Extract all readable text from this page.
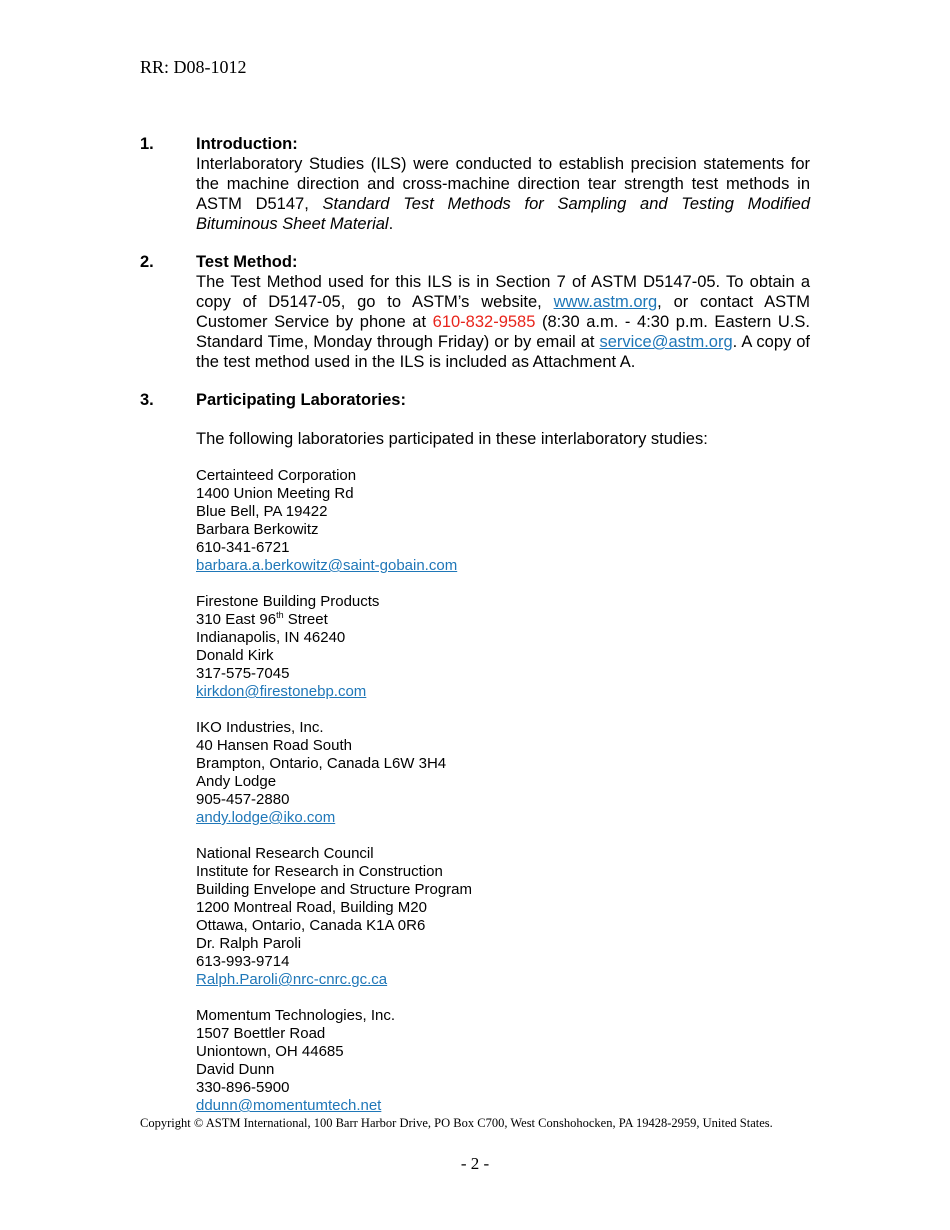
RR: D08-1012
1.	Introduction:
Interlaboratory Studies (ILS) were conducted to establish precision statements for the machine direction and cross-machine direction tear strength test methods in ASTM D5147, Standard Test Methods for Sampling and Testing Modified Bituminous Sheet Material.
2.	Test Method:
The Test Method used for this ILS is in Section 7 of ASTM D5147-05. To obtain a copy of D5147-05, go to ASTM’s website, www.astm.org, or contact ASTM Customer Service by phone at 610-832-9585 (8:30 a.m. - 4:30 p.m. Eastern U.S. Standard Time, Monday through Friday) or by email at service@astm.org. A copy of the test method used in the ILS is included as Attachment A.
3.	Participating Laboratories:
The following laboratories participated in these interlaboratory studies:
Certainteed Corporation
1400 Union Meeting Rd
Blue Bell, PA 19422
Barbara Berkowitz
610-341-6721
barbara.a.berkowitz@saint-gobain.com
Firestone Building Products
310 East 96th Street
Indianapolis, IN 46240
Donald Kirk
317-575-7045
kirkdon@firestonebp.com
IKO Industries, Inc.
40 Hansen Road South
Brampton, Ontario, Canada L6W 3H4
Andy Lodge
905-457-2880
andy.lodge@iko.com
National Research Council
Institute for Research in Construction
Building Envelope and Structure Program
1200 Montreal Road, Building M20
Ottawa, Ontario, Canada K1A 0R6
Dr. Ralph Paroli
613-993-9714
Ralph.Paroli@nrc-cnrc.gc.ca
Momentum Technologies, Inc.
1507 Boettler Road
Uniontown, OH 44685
David Dunn
330-896-5900
ddunn@momentumtech.net
Copyright © ASTM International, 100 Barr Harbor Drive, PO Box C700, West Conshohocken, PA 19428-2959, United States.
- 2 -
